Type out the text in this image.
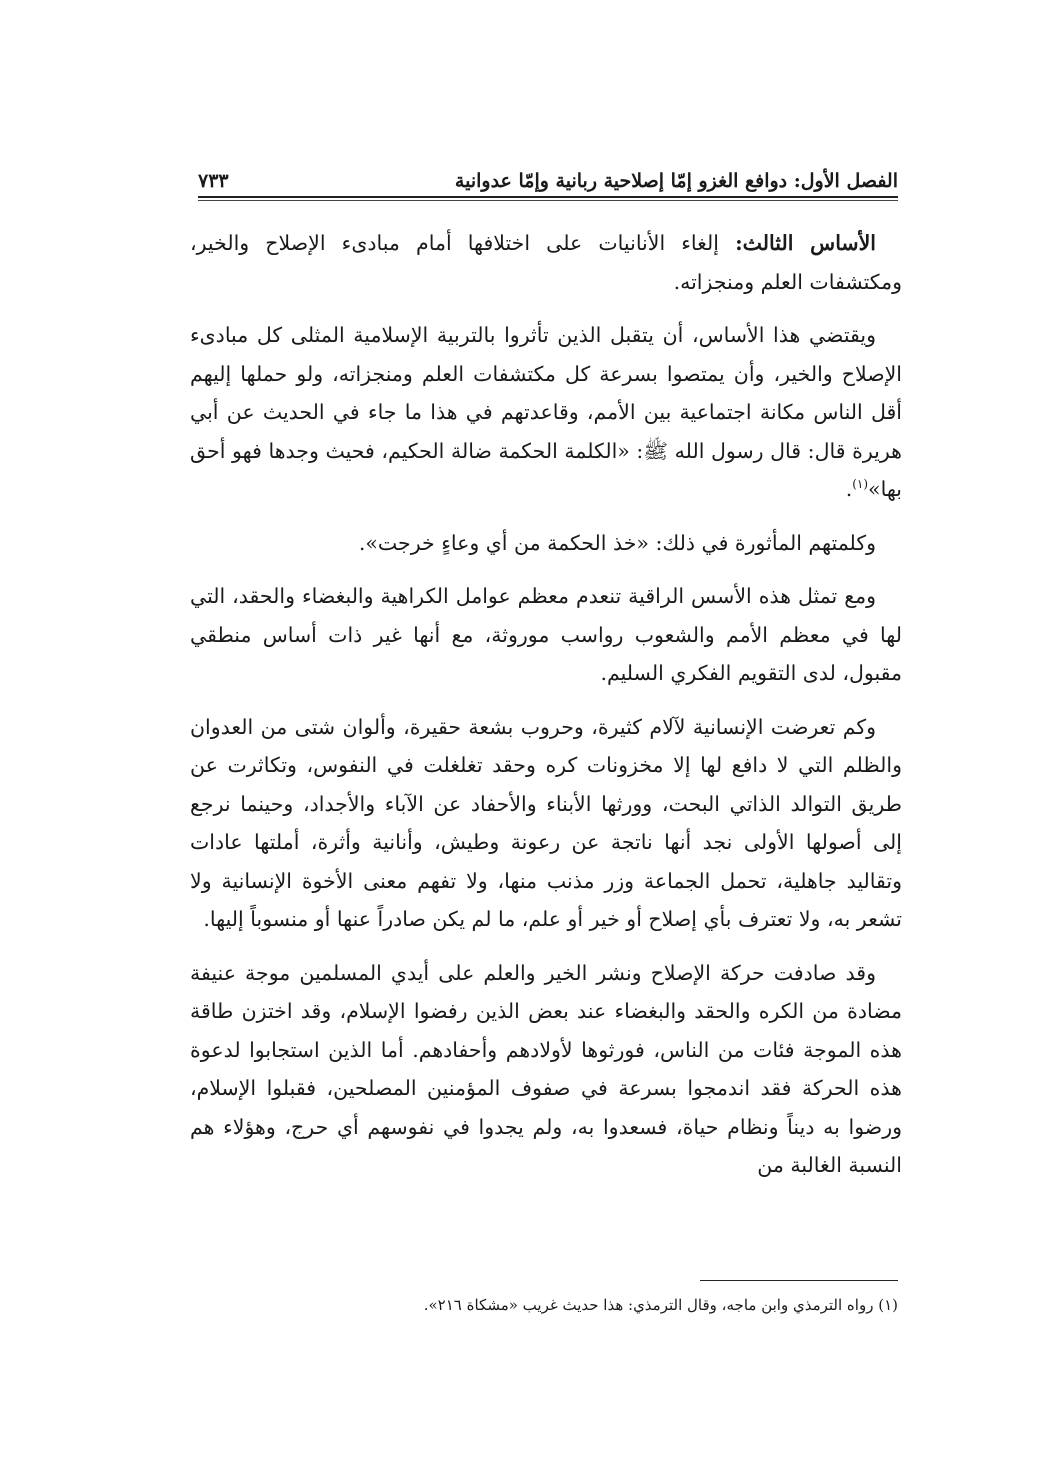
الفصل الأول: دوافع الغزو إمّا إصلاحية ربانية وإمّا عدوانية
٧٣٣

الأساس الثالث: إلغاء الأنانيات على اختلافها أمام مبادىء الإصلاح والخير، ومكتشفات العلم ومنجزاته.

ويقتضي هذا الأساس، أن يتقبل الذين تأثروا بالتربية الإسلامية المثلى كل مبادىء الإصلاح والخير، وأن يمتصوا بسرعة كل مكتشفات العلم ومنجزاته، ولو حملها إليهم أقل الناس مكانة اجتماعية بين الأمم، وقاعدتهم في هذا ما جاء في الحديث عن أبي هريرة قال: قال رسول الله ﷺ: «الكلمة الحكمة ضالة الحكيم، فحيث وجدها فهو أحق بها»$^{(١)}$.

وكلمتهم المأثورة في ذلك: «خذ الحكمة من أي وعاءٍ خرجت».

ومع تمثل هذه الأسس الراقية تنعدم معظم عوامل الكراهية والبغضاء والحقد، التي لها في معظم الأمم والشعوب رواسب موروثة، مع أنها غير ذات أساس منطقي مقبول، لدى التقويم الفكري السليم.

وكم تعرضت الإنسانية لآلام كثيرة، وحروب بشعة حقيرة، وألوان شتى من العدوان والظلم التي لا دافع لها إلا مخزونات كره وحقد تغلغلت في النفوس، وتكاثرت عن طريق التوالد الذاتي البحت، وورثها الأبناء والأحفاد عن الآباء والأجداد، وحينما نرجع إلى أصولها الأولى نجد أنها ناتجة عن رعونة وطيش، وأنانية وأثرة، أملتها عادات وتقاليد جاهلية، تحمل الجماعة وزر مذنب منها، ولا تفهم معنى الأخوة الإنسانية ولا تشعر به، ولا تعترف بأي إصلاح أو خير أو علم، ما لم يكن صادراً عنها أو منسوباً إليها.

وقد صادفت حركة الإصلاح ونشر الخير والعلم على أيدي المسلمين موجة عنيفة مضادة من الكره والحقد والبغضاء عند بعض الذين رفضوا الإسلام، وقد اختزن طاقة هذه الموجة فئات من الناس، فورثوها لأولادهم وأحفادهم. أما الذين استجابوا لدعوة هذه الحركة فقد اندمجوا بسرعة في صفوف المؤمنين المصلحين، فقبلوا الإسلام، ورضوا به ديناً ونظام حياة، فسعدوا به، ولم يجدوا في نفوسهم أي حرج، وهؤلاء هم النسبة الغالبة من

(١) رواه الترمذي وابن ماجه، وقال الترمذي: هذا حديث غريب «مشكاة ٢١٦».
